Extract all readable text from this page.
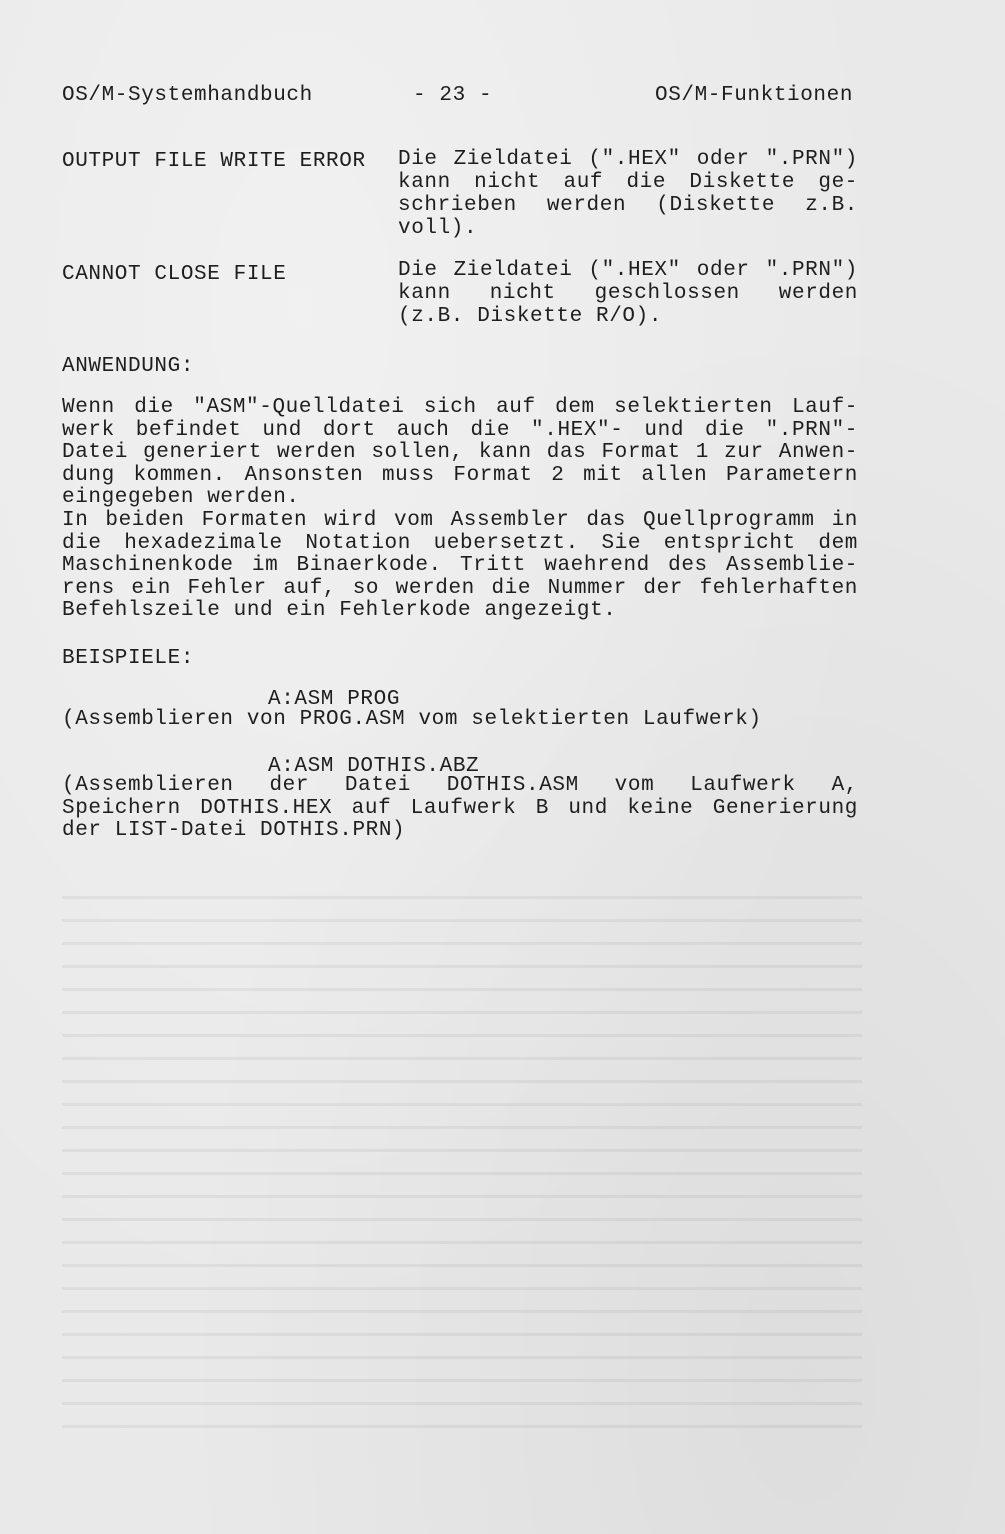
OS/M-Systemhandbuch	- 23 -	OS/M-Funktionen
OUTPUT FILE WRITE ERROR Die Zieldatei (".HEX" oder ".PRN")
kann nicht auf die Diskette ge-
schrieben werden (Diskette z.B.
voll).
CANNOT CLOSE FILE	Die Zieldatei (".HEX" oder ".PRN")
kann nicht geschlossen werden
(z.B. Diskette R/O).
ANWENDUNG:
Wenn die "ASM"-Quelldatei sich auf dem selektierten Lauf-
werk befindet und dort auch die ".HEX"- und die ".PRN"-
Datei generiert werden sollen, kann das Format 1 zur Anwen-
dung kommen. Ansonsten muss Format 2 mit allen Parametern
eingegeben werden.
In beiden Formaten wird vom Assembler das Quellprogramm in
die hexadezimale Notation uebersetzt. Sie entspricht dem
Maschinenkode im Binaerkode. Tritt waehrend des Assemblie-
rens ein Fehler auf, so werden die Nummer der fehlerhaften
Befehlszeile und ein Fehlerkode angezeigt.
BEISPIELE:
A:ASM PROG
(Assemblieren von PROG.ASM vom selektierten Laufwerk)
A:ASM DOTHIS.ABZ
(Assemblieren der Datei DOTHIS.ASM vom Laufwerk A,
Speichern DOTHIS.HEX auf Laufwerk B und keine Generierung
der LIST-Datei DOTHIS.PRN)
